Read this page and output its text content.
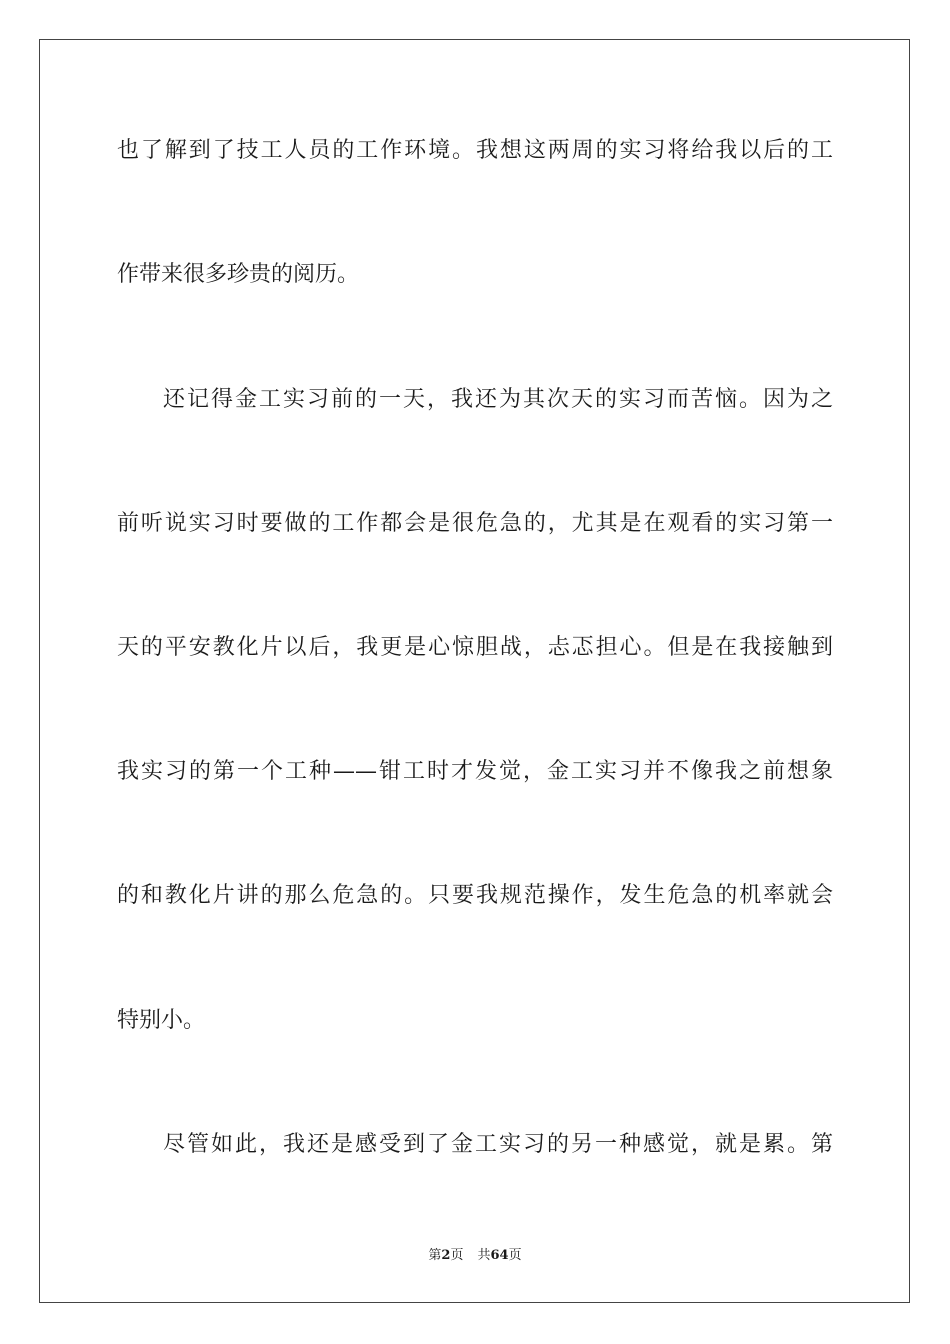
也了解到了技工人员的工作环境。我想这两周的实习将给我以后的工
作带来很多珍贵的阅历。
还记得金工实习前的一天，我还为其次天的实习而苦恼。因为之
前听说实习时要做的工作都会是很危急的，尤其是在观看的实习第一
天的平安教化片以后，我更是心惊胆战，忐忑担心。但是在我接触到
我实习的第一个工种——钳工时才发觉，金工实习并不像我之前想象
的和教化片讲的那么危急的。只要我规范操作，发生危急的机率就会
特别小。
尽管如此，我还是感受到了金工实习的另一种感觉，就是累。第
第2页 共64页
